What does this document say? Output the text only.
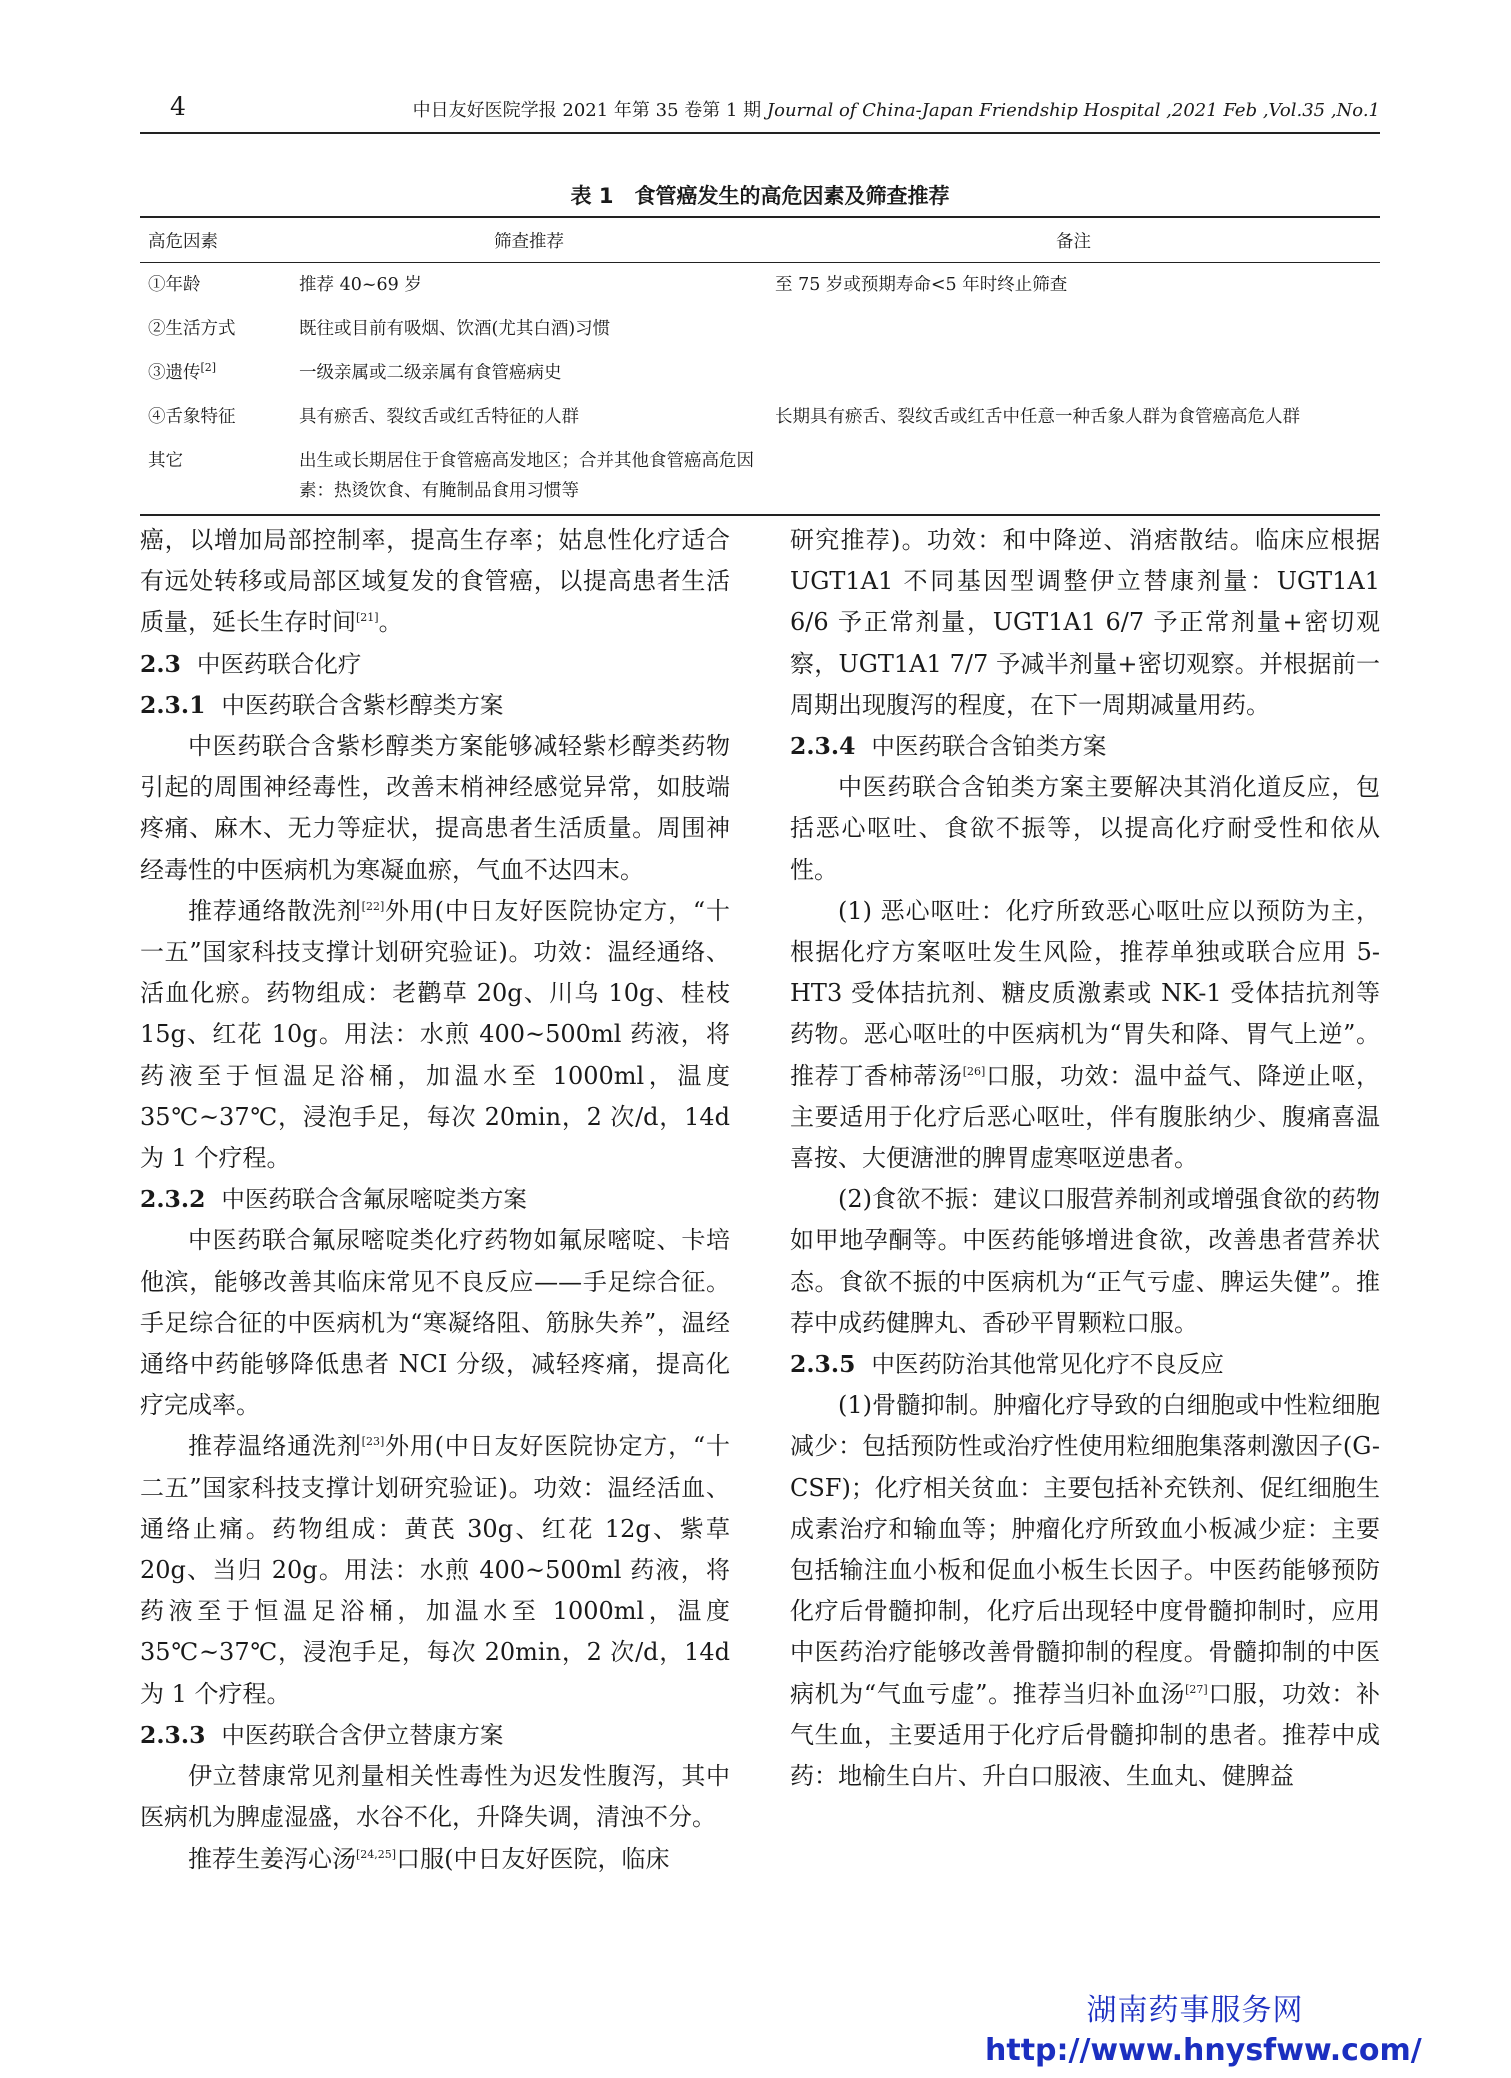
4	中日友好医院学报 2021 年第 35 卷第 1 期 Journal of China-Japan Friendship Hospital ,2021 Feb ,Vol.35 ,No.1
表 1　食管癌发生的高危因素及筛查推荐
高危因素	筛查推荐	备注
①年龄	推荐 40~69 岁	至 75 岁或预期寿命<5 年时终止筛查
②生活方式	既往或目前有吸烟、饮酒(尤其白酒)习惯	
③遗传[2]	一级亲属或二级亲属有食管癌病史	
④舌象特征	具有瘀舌、裂纹舌或红舌特征的人群	长期具有瘀舌、裂纹舌或红舌中任意一种舌象人群为食管癌高危人群
其它	出生或长期居住于食管癌高发地区；合并其他食管癌高危因素：热烫饮食、有腌制品食用习惯等	

癌，以增加局部控制率，提高生存率；姑息性化疗适合有远处转移或局部区域复发的食管癌，以提高患者生活质量，延长生存时间[21]。

2.3 中医药联合化疗
2.3.1 中医药联合含紫杉醇类方案

中医药联合含紫杉醇类方案能够减轻紫杉醇类药物引起的周围神经毒性，改善末梢神经感觉异常，如肢端疼痛、麻木、无力等症状，提高患者生活质量。周围神经毒性的中医病机为寒凝血瘀，气血不达四末。

推荐通络散洗剂[22]外用(中日友好医院协定方，“十一五”国家科技支撑计划研究验证)。功效：温经通络、活血化瘀。药物组成：老鹳草 20g、川乌 10g、桂枝 15g、红花 10g。用法：水煎 400~500ml 药液，将药液至于恒温足浴桶，加温水至 1000ml，温度 35℃~37℃，浸泡手足，每次 20min，2 次/d，14d 为 1 个疗程。

2.3.2 中医药联合含氟尿嘧啶类方案

中医药联合氟尿嘧啶类化疗药物如氟尿嘧啶、卡培他滨，能够改善其临床常见不良反应——手足综合征。手足综合征的中医病机为“寒凝络阻、筋脉失养”，温经通络中药能够降低患者 NCI 分级，减轻疼痛，提高化疗完成率。

推荐温络通洗剂[23]外用(中日友好医院协定方，“十二五”国家科技支撑计划研究验证)。功效：温经活血、通络止痛。药物组成：黄芪 30g、红花 12g、紫草 20g、当归 20g。用法：水煎 400~500ml 药液，将药液至于恒温足浴桶，加温水至 1000ml，温度 35℃~37℃，浸泡手足，每次 20min，2 次/d，14d 为 1 个疗程。

2.3.3 中医药联合含伊立替康方案

伊立替康常见剂量相关性毒性为迟发性腹泻，其中医病机为脾虚湿盛，水谷不化，升降失调，清浊不分。

推荐生姜泻心汤[24,25]口服(中日友好医院，临床

研究推荐)。功效：和中降逆、消痞散结。临床应根据 UGT1A1 不同基因型调整伊立替康剂量：UGT1A1 6/6 予正常剂量，UGT1A1 6/7 予正常剂量+密切观察，UGT1A1 7/7 予减半剂量+密切观察。并根据前一周期出现腹泻的程度，在下一周期减量用药。

2.3.4 中医药联合含铂类方案

中医药联合含铂类方案主要解决其消化道反应，包括恶心呕吐、食欲不振等，以提高化疗耐受性和依从性。

(1) 恶心呕吐：化疗所致恶心呕吐应以预防为主，根据化疗方案呕吐发生风险，推荐单独或联合应用 5-HT3 受体拮抗剂、糖皮质激素或 NK-1 受体拮抗剂等药物。恶心呕吐的中医病机为“胃失和降、胃气上逆”。推荐丁香柿蒂汤[26]口服，功效：温中益气、降逆止呕，主要适用于化疗后恶心呕吐，伴有腹胀纳少、腹痛喜温喜按、大便溏泄的脾胃虚寒呕逆患者。

(2)食欲不振：建议口服营养制剂或增强食欲的药物如甲地孕酮等。中医药能够增进食欲，改善患者营养状态。食欲不振的中医病机为“正气亏虚、脾运失健”。推荐中成药健脾丸、香砂平胃颗粒口服。

2.3.5 中医药防治其他常见化疗不良反应

(1)骨髓抑制。肿瘤化疗导致的白细胞或中性粒细胞减少：包括预防性或治疗性使用粒细胞集落刺激因子(G-CSF)；化疗相关贫血：主要包括补充铁剂、促红细胞生成素治疗和输血等；肿瘤化疗所致血小板减少症：主要包括输注血小板和促血小板生长因子。中医药能够预防化疗后骨髓抑制，化疗后出现轻中度骨髓抑制时，应用中医药治疗能够改善骨髓抑制的程度。骨髓抑制的中医病机为“气血亏虚”。推荐当归补血汤[27]口服，功效：补气生血，主要适用于化疗后骨髓抑制的患者。推荐中成药：地榆生白片、升白口服液、生血丸、健脾益

湖南药事服务网
http://www.hnysfww.com/
